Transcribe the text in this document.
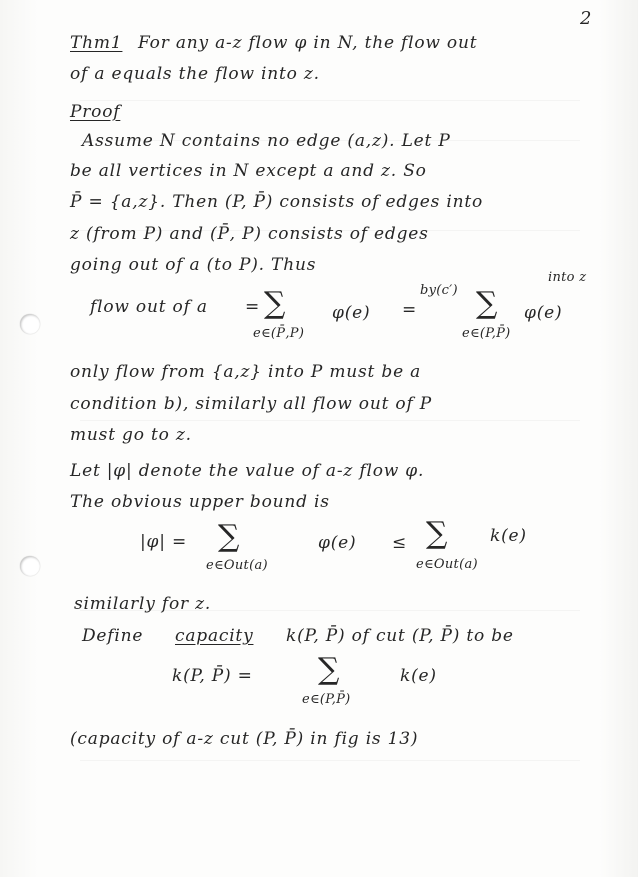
2
Thm1 For any a-z flow φ in N, the flow out
of a equals the flow into z.
Proof
Assume N contains no edge (a,z). Let P
be all vertices in N except a and z. So
P̄ = {a,z}. Then (P, P̄) consists of edges into
z (from P) and (P̄, P) consists of edges
going out of a (to P). Thus
flow out of a = ∑
e∈(P̄,P)
φ(e)
by(c′)
= ∑
e∈(P,P̄)
φ(e)
into z
only flow from {a,z} into P must be a
condition b), similarly all flow out of P
must go to z.
Let |φ| denote the value of a-z flow φ.
The obvious upper bound is
|φ| = ∑
e∈Out(a)
φ(e) ≤ ∑
e∈Out(a)
k(e)
similarly for z.
Define capacity k(P, P̄) of cut (P, P̄) to be
k(P, P̄) = ∑
e∈(P,P̄)
k(e)
(capacity of a-z cut (P, P̄) in fig is 13)
